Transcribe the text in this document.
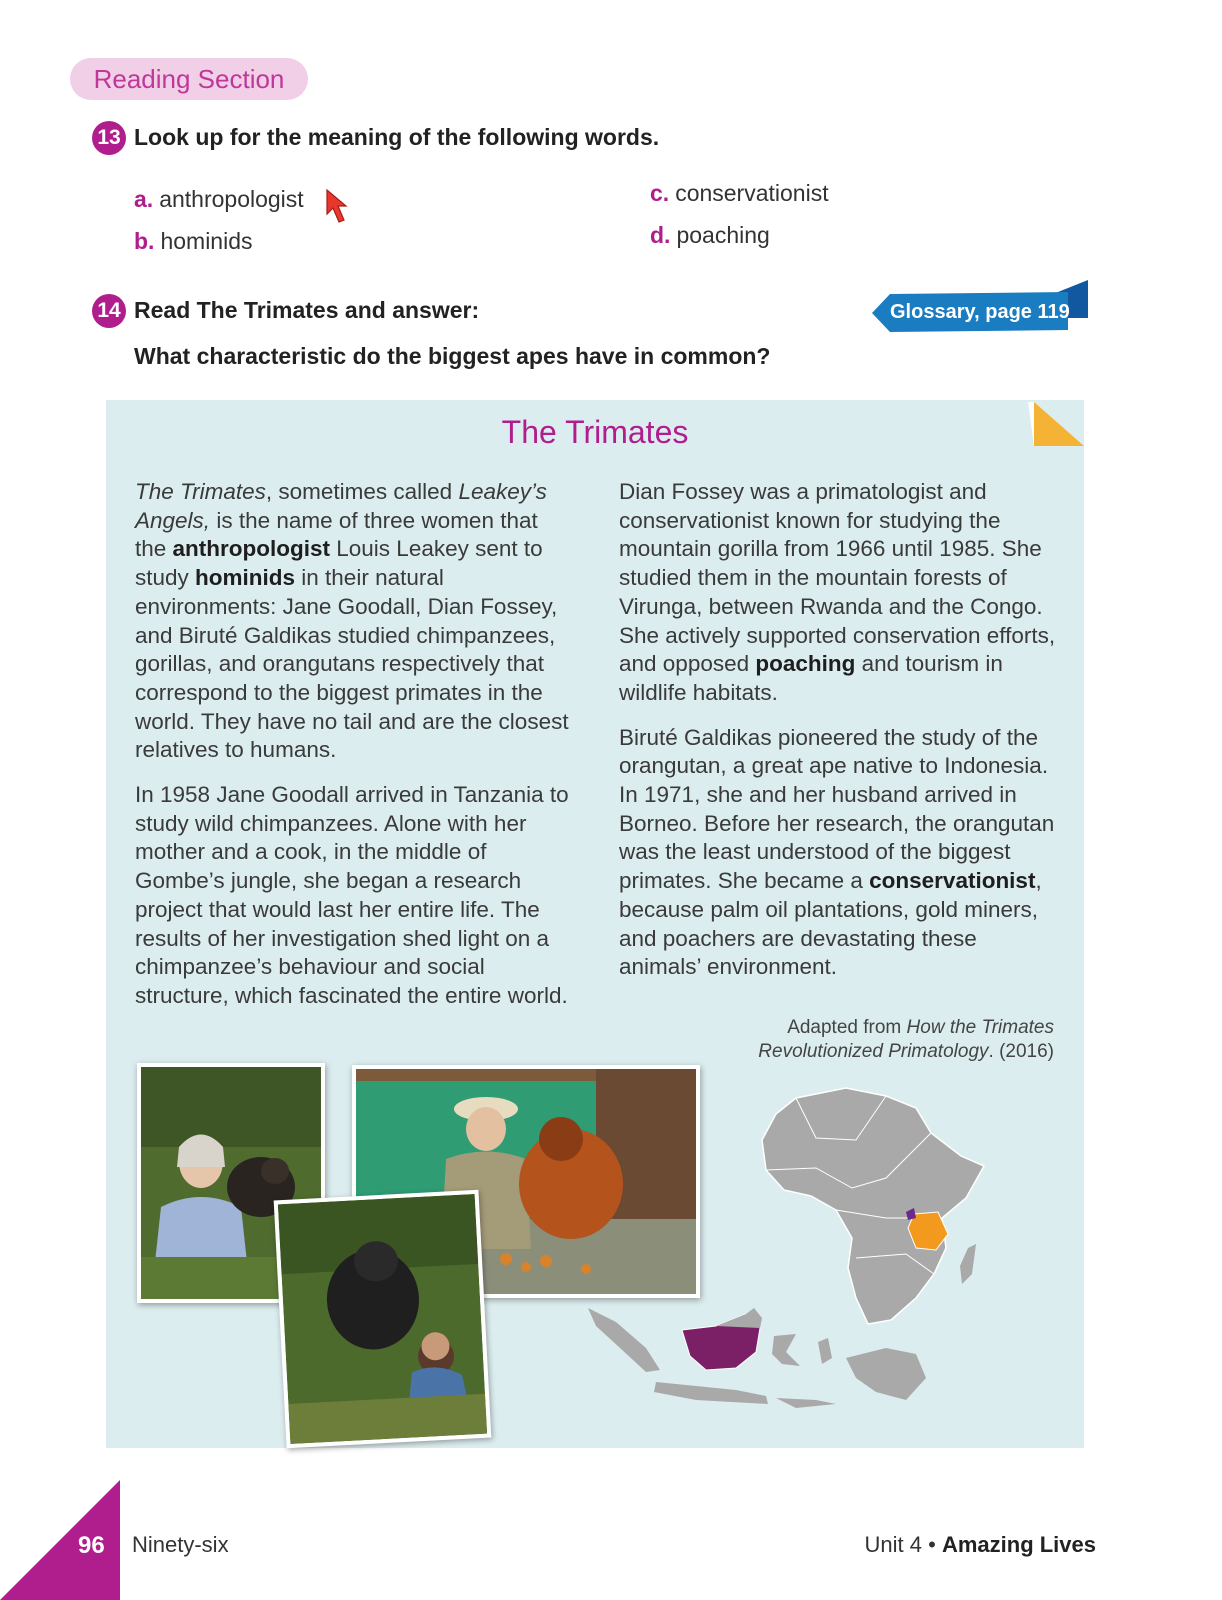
Reading Section
13 Look up for the meaning of the following words.
a. anthropologist
b. hominids
c. conservationist
d. poaching
14 Read The Trimates and answer:
What characteristic do the biggest apes have in common?
Glossary, page 119
The Trimates

The Trimates, sometimes called Leakey’s Angels, is the name of three women that the anthropologist Louis Leakey sent to study hominids in their natural environments: Jane Goodall, Dian Fossey, and Biruté Galdikas studied chimpanzees, gorillas, and orangutans respectively that correspond to the biggest primates in the world. They have no tail and are the closest relatives to humans.

In 1958 Jane Goodall arrived in Tanzania to study wild chimpanzees. Alone with her mother and a cook, in the middle of Gombe’s jungle, she began a research project that would last her entire life. The results of her investigation shed light on a chimpanzee’s behaviour and social structure, which fascinated the entire world.

Dian Fossey was a primatologist and conservationist known for studying the mountain gorilla from 1966 until 1985. She studied them in the mountain forests of Virunga, between Rwanda and the Congo. She actively supported conservation efforts, and opposed poaching and tourism in wildlife habitats.

Biruté Galdikas pioneered the study of the orangutan, a great ape native to Indonesia. In 1971, she and her husband arrived in Borneo. Before her research, the orangutan was the least understood of the biggest primates. She became a conservationist, because palm oil plantations, gold miners, and poachers are devastating these animals’ environment.

Adapted from How the Trimates Revolutionized Primatology. (2016)
96 Ninety-six	Unit 4 • Amazing Lives
